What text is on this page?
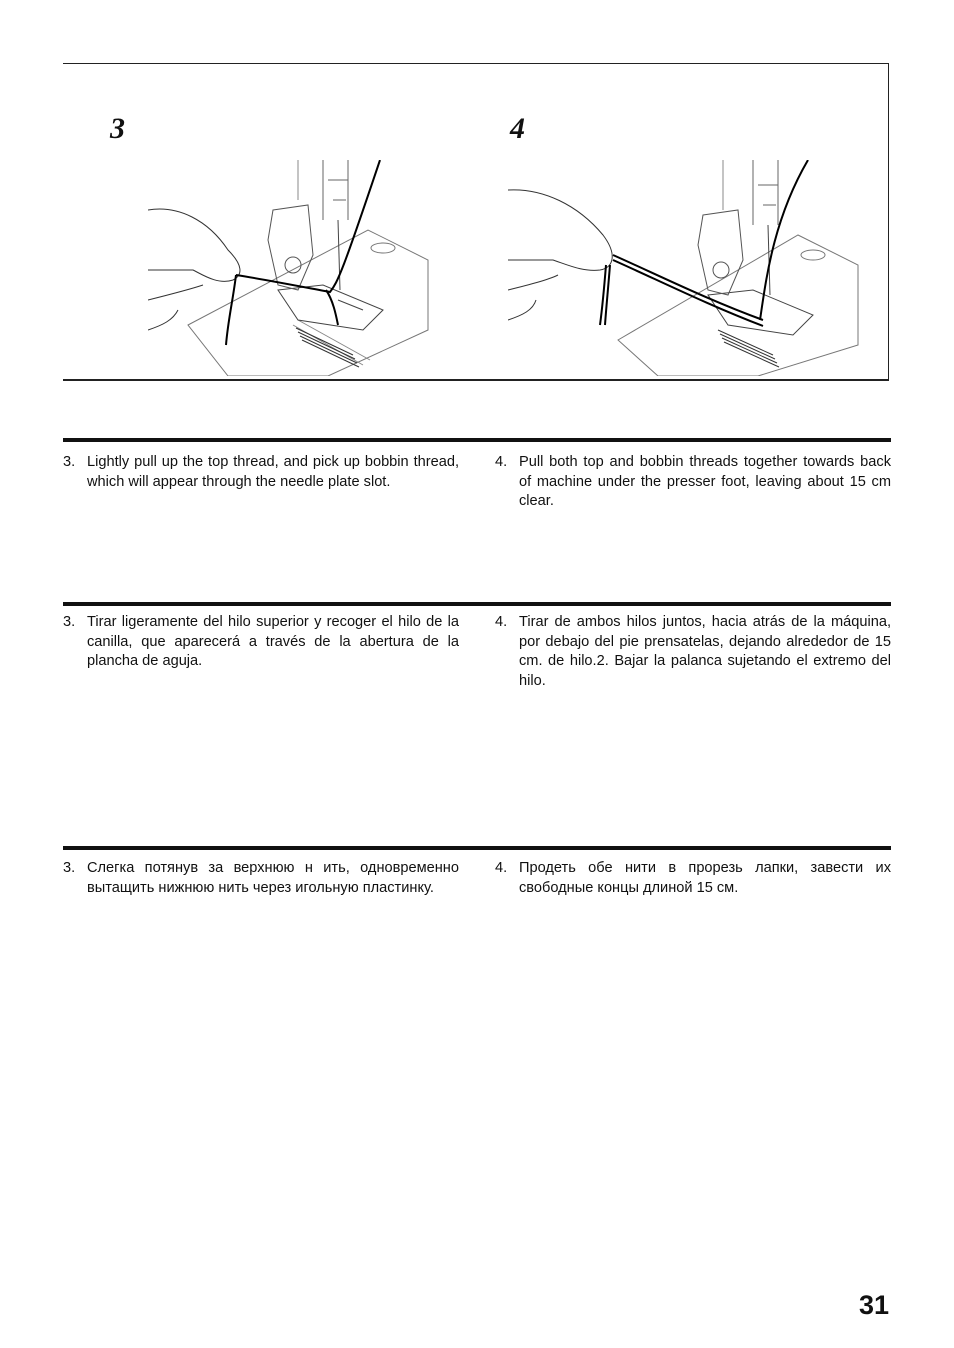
3	4
3. Lightly pull up the top thread, and pick up bobbin thread, which will appear through the needle plate slot.
4. Pull both top and bobbin threads together towards back of machine under the presser foot, leaving about 15 cm clear.
3. Tirar ligeramente del hilo superior y recoger el hilo de la canilla, que aparecerá a través de la abertura de la plancha de aguja.
4. Tirar de ambos hilos juntos, hacia atrás de la máquina, por debajo del pie prensatelas, dejando alrededor de 15 cm. de hilo.2. Bajar la palanca sujetando el extremo del hilo.
3. Слегка потянув за верхнюю н ить, одновременно вытащить нижнюю нить через игольную пластинку.
4. Продеть обе нити в прорезь лапки, завести их свободные концы длиной 15 см.
31
